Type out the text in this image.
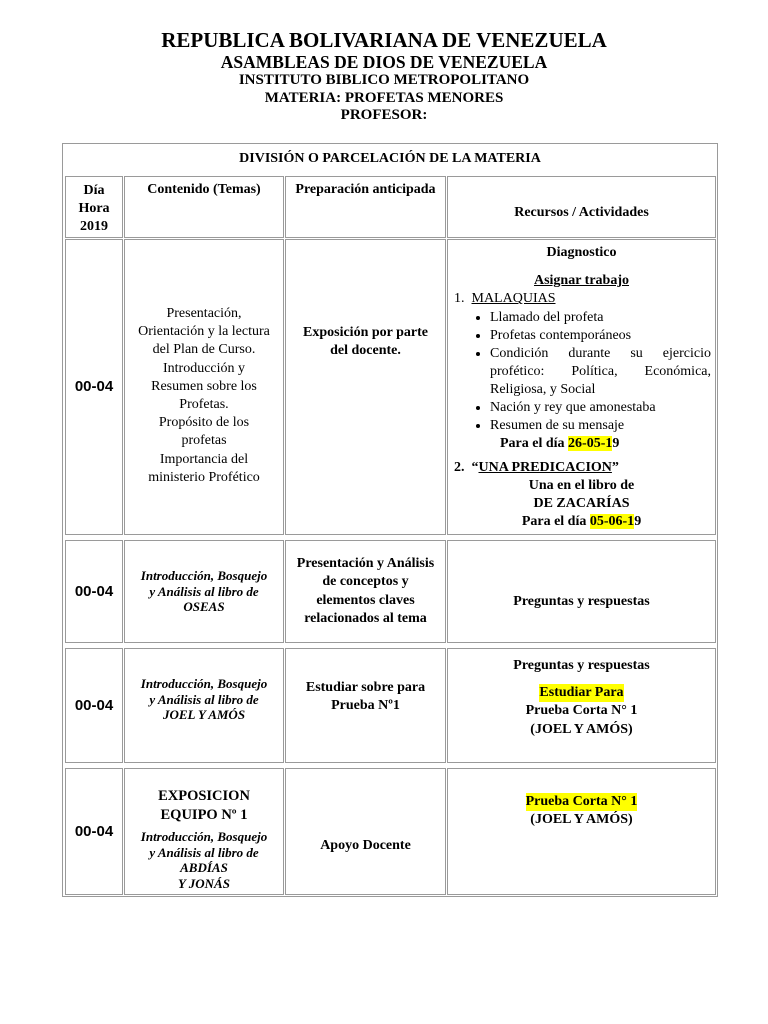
REPUBLICA BOLIVARIANA DE VENEZUELA
ASAMBLEAS DE DIOS DE VENEZUELA
INSTITUTO BIBLICO METROPOLITANO
MATERIA: PROFETAS MENORES
PROFESOR:
DIVISIÓN O PARCELACIÓN DE LA MATERIA
Día
Hora
2019
Contenido (Temas) Preparación anticipada
Recursos / Actividades
00-04
Presentación,
Orientación y la lectura
del Plan de Curso.
Introducción y
Resumen sobre los
Profetas.
Propósito de los
profetas
Importancia del
ministerio Profético
Exposición por parte del docente.
Diagnostico
Asignar trabajo
1. MALAQUIAS
• Llamado del profeta
• Profetas contemporáneos
• Condición durante su ejercicio profético: Política, Económica, Religiosa, y Social
• Nación y rey que amonestaba
• Resumen de su mensaje
Para el día 26-05-19
2. “UNA PREDICACION”
Una en el libro de
DE ZACARÍAS
Para el día 05-06-19
00-04
Introducción, Bosquejo
y Análisis al libro de
OSEAS
Presentación y Análisis de conceptos y elementos claves relacionados al tema
Preguntas y respuestas
00-04
Introducción, Bosquejo
y Análisis al libro de
JOEL Y AMÓS
Estudiar sobre para Prueba Nº1
Preguntas y respuestas
Estudiar Para
Prueba Corta N° 1
(JOEL Y AMÓS)
00-04
EXPOSICION
EQUIPO Nº 1
Introducción, Bosquejo
y Análisis al libro de
ABDÍAS
Y JONÁS
Apoyo Docente
Prueba Corta N° 1
(JOEL Y AMÓS)
